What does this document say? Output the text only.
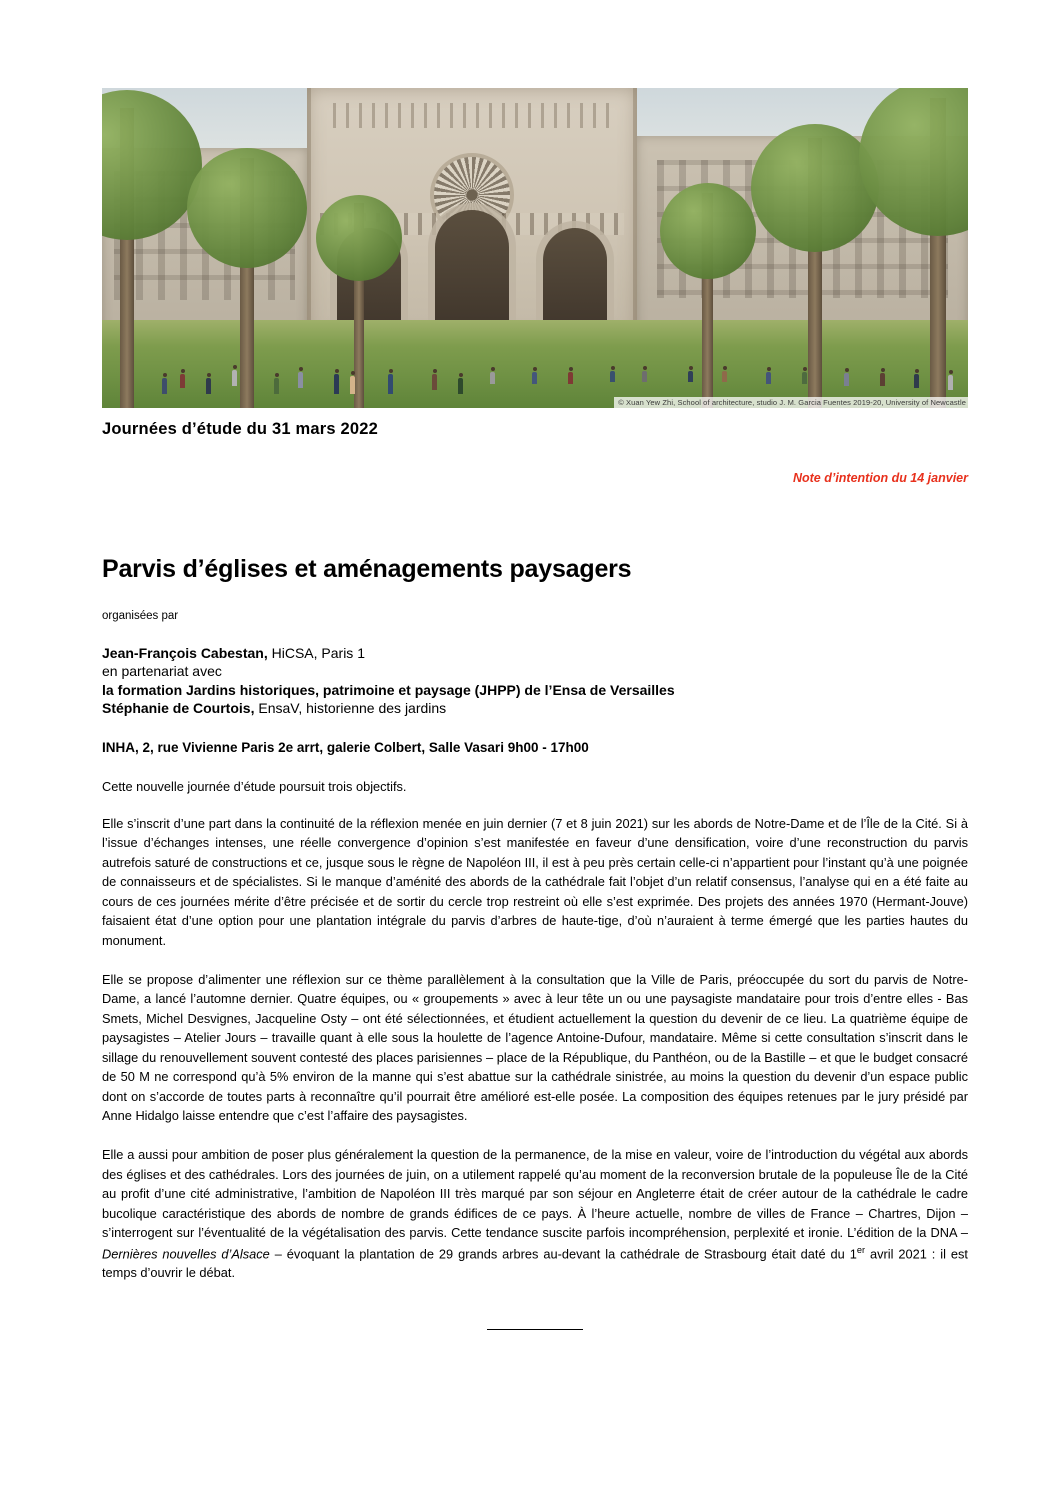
© Xuan Yew Zhi, School of architecture, studio J. M. Garcia Fuentes 2019-20, University of Newcastle
Journées d’étude du 31 mars 2022
Note d’intention du 14 janvier
Parvis d’églises et aménagements paysagers
organisées par
Jean-François Cabestan, HiCSA, Paris 1
en partenariat avec
la formation Jardins historiques, patrimoine et paysage (JHPP) de l’Ensa de Versailles
Stéphanie de Courtois, EnsaV, historienne des jardins
INHA, 2, rue Vivienne Paris 2e arrt, galerie Colbert, Salle Vasari 9h00 - 17h00
Cette nouvelle journée d’étude poursuit trois objectifs.

Elle s’inscrit d’une part dans la continuité de la réflexion menée en juin dernier (7 et 8 juin 2021) sur les abords de Notre-Dame et de l’Île de la Cité. Si à l’issue d’échanges intenses, une réelle convergence d’opinion s’est manifestée en faveur d’une densification, voire d’une reconstruction du parvis autrefois saturé de constructions et ce, jusque sous le règne de Napoléon III, il est à peu près certain celle-ci n’appartient pour l’instant qu’à une poignée de connaisseurs et de spécialistes. Si le manque d’aménité des abords de la cathédrale fait l’objet d’un relatif consensus, l’analyse qui en a été faite au cours de ces journées mérite d’être précisée et de sortir du cercle trop restreint où elle s’est exprimée. Des projets des années 1970 (Hermant-Jouve) faisaient état d’une option pour une plantation intégrale du parvis d’arbres de haute-tige, d’où n’auraient à terme émergé que les parties hautes du monument.

Elle se propose d’alimenter une réflexion sur ce thème parallèlement à la consultation que la Ville de Paris, préoccupée du sort du parvis de Notre-Dame, a lancé l’automne dernier. Quatre équipes, ou « groupements » avec à leur tête un ou une paysagiste mandataire pour trois d’entre elles - Bas Smets, Michel Desvignes, Jacqueline Osty – ont été sélectionnées, et étudient actuellement la question du devenir de ce lieu. La quatrième équipe de paysagistes – Atelier Jours – travaille quant à elle sous la houlette de l’agence Antoine-Dufour, mandataire. Même si cette consultation s’inscrit dans le sillage du renouvellement souvent contesté des places parisiennes – place de la République, du Panthéon, ou de la Bastille – et que le budget consacré de 50 M ne correspond qu’à 5% environ de la manne qui s’est abattue sur la cathédrale sinistrée, au moins la question du devenir d’un espace public dont on s’accorde de toutes parts à reconnaître qu’il pourrait être amélioré est-elle posée. La composition des équipes retenues par le jury présidé par Anne Hidalgo laisse entendre que c’est l’affaire des paysagistes.

Elle a aussi pour ambition de poser plus généralement la question de la permanence, de la mise en valeur, voire de l’introduction du végétal aux abords des églises et des cathédrales. Lors des journées de juin, on a utilement rappelé qu’au moment de la reconversion brutale de la populeuse Île de la Cité au profit d’une cité administrative, l’ambition de Napoléon III très marqué par son séjour en Angleterre était de créer autour de la cathédrale le cadre bucolique caractéristique des abords de nombre de grands édifices de ce pays. À l’heure actuelle, nombre de villes de France – Chartres, Dijon – s’interrogent sur l’éventualité de la végétalisation des parvis. Cette tendance suscite parfois incompréhension, perplexité et ironie. L’édition de la DNA – Dernières nouvelles d’Alsace – évoquant la plantation de 29 grands arbres au-devant la cathédrale de Strasbourg était daté du 1er avril 2021 : il est temps d’ouvrir le débat.
